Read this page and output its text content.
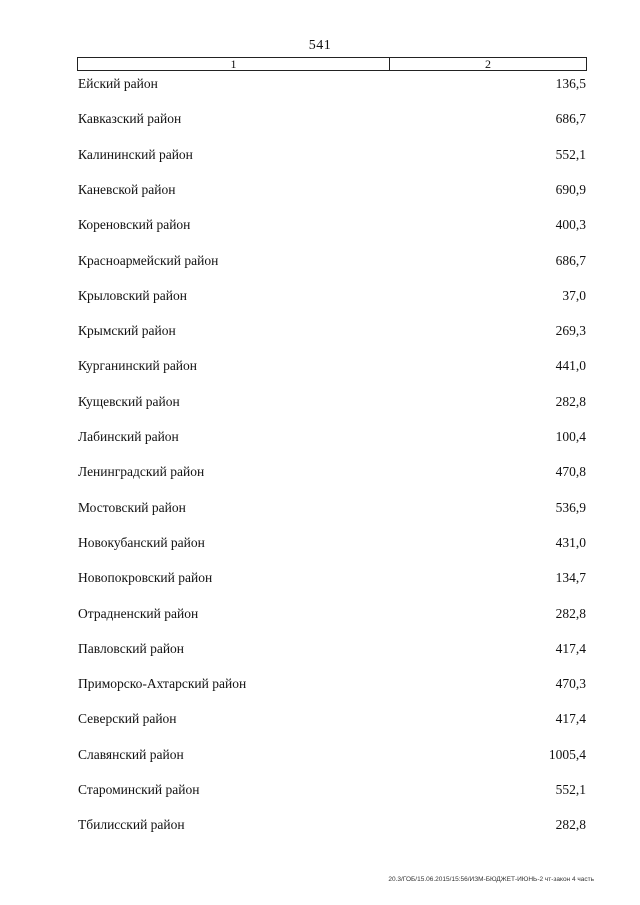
541
1	2
Ейский район	136,5
Кавказский район	686,7
Калининский район	552,1
Каневской район	690,9
Кореновский район	400,3
Красноармейский район	686,7
Крыловский район	37,0
Крымский район	269,3
Курганинский район	441,0
Кущевский район	282,8
Лабинский район	100,4
Ленинградский район	470,8
Мостовский район	536,9
Новокубанский район	431,0
Новопокровский район	134,7
Отрадненский район	282,8
Павловский район	417,4
Приморско-Ахтарский район	470,3
Северский район	417,4
Славянский район	1005,4
Староминский район	552,1
Тбилисский район	282,8
20.3/ГОБ/15.06.2015/15:56/ИЗМ-БЮДЖЕТ-ИЮНЬ-2 чт-закон 4 часть
